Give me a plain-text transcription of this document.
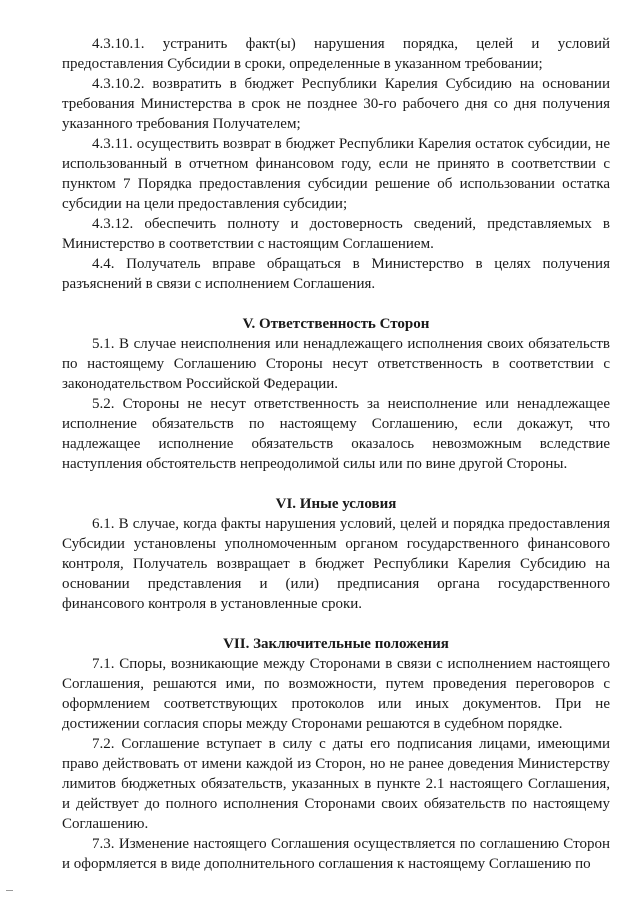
4.3.10.1. устранить факт(ы) нарушения порядка, целей и условий предоставления Субсидии в сроки, определенные в указанном требовании;

4.3.10.2. возвратить в бюджет Республики Карелия Субсидию на основании требования Министерства в срок не позднее 30-го рабочего дня со дня получения указанного требования Получателем;

4.3.11. осуществить возврат в бюджет Республики Карелия остаток субсидии, не использованный в отчетном финансовом году, если не принято в соответствии с пунктом 7 Порядка предоставления субсидии решение об использовании остатка субсидии на цели предоставления субсидии;

4.3.12. обеспечить полноту и достоверность сведений, представляемых в Министерство в соответствии с настоящим Соглашением.

4.4. Получатель вправе обращаться в Министерство в целях получения разъяснений в связи с исполнением Соглашения.

V. Ответственность Сторон

5.1. В случае неисполнения или ненадлежащего исполнения своих обязательств по настоящему Соглашению Стороны несут ответственность в соответствии с законодательством Российской Федерации.

5.2. Стороны не несут ответственность за неисполнение или ненадлежащее исполнение обязательств по настоящему Соглашению, если докажут, что надлежащее исполнение обязательств оказалось невозможным вследствие наступления обстоятельств непреодолимой силы или по вине другой Стороны.

VI. Иные условия

6.1. В случае, когда факты нарушения условий, целей и порядка предоставления Субсидии установлены уполномоченным органом государственного финансового контроля, Получатель возвращает в бюджет Республики Карелия Субсидию на основании представления и (или) предписания органа государственного финансового контроля в установленные сроки.

VII. Заключительные положения

7.1. Споры, возникающие между Сторонами в связи с исполнением настоящего Соглашения, решаются ими, по возможности, путем проведения переговоров с оформлением соответствующих протоколов или иных документов. При не достижении согласия споры между Сторонами решаются в судебном порядке.

7.2. Соглашение вступает в силу с даты его подписания лицами, имеющими право действовать от имени каждой из Сторон, но не ранее доведения Министерству лимитов бюджетных обязательств, указанных в пункте 2.1 настоящего Соглашения, и действует до полного исполнения Сторонами своих обязательств по настоящему Соглашению.

7.3. Изменение настоящего Соглашения осуществляется по соглашению Сторон и оформляется в виде дополнительного соглашения к настоящему Соглашению по
